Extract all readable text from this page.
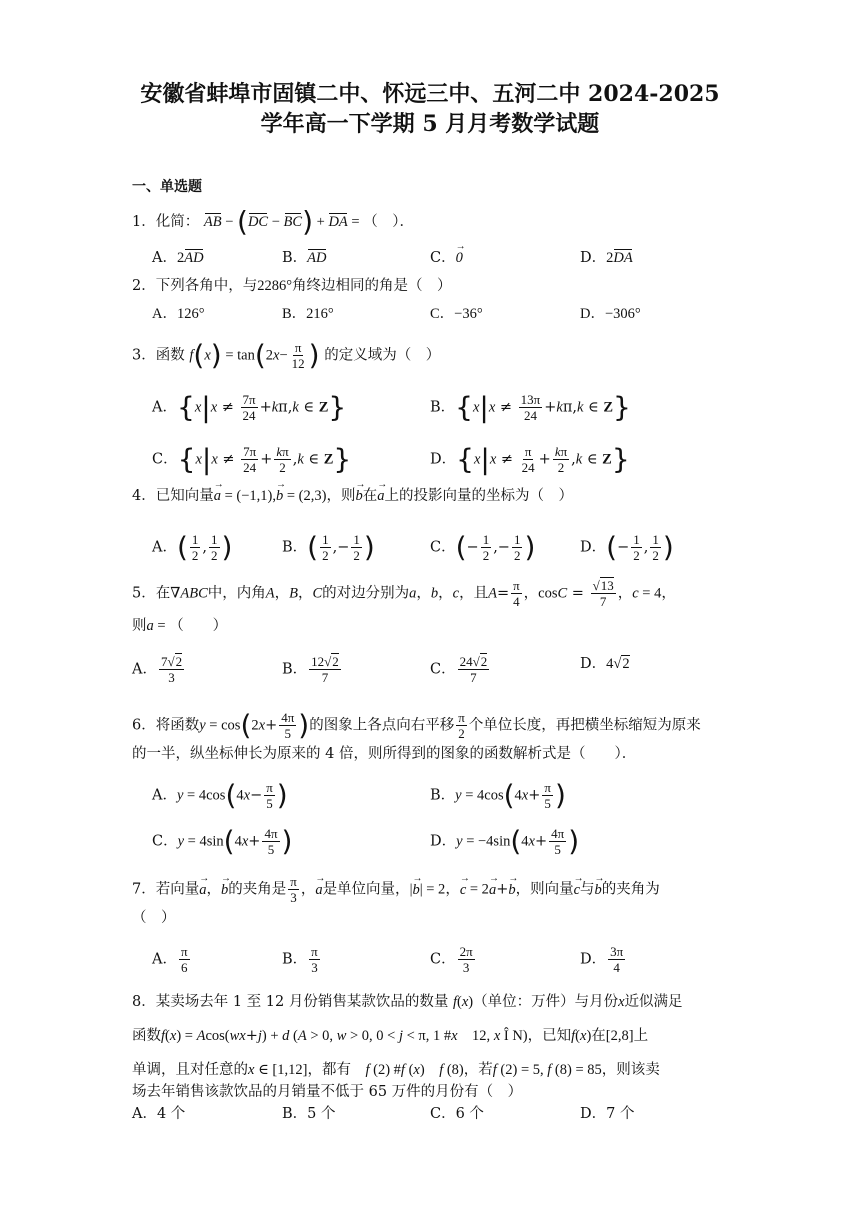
安徽省蚌埠市固镇二中、怀远三中、五河二中 2024-2025
学年高一下学期 5 月月考数学试题
一、单选题
1．化简： AB − (DC − BC) + DA = （　）．
A．2AD	B．AD	C．0 →	D．2DA
2．下列各角中，与2286°角终边相同的角是（　）
A．126°	B．216°	C．−36°	D．−306°
3．函数 $f(x) = \tan(2x- \frac{\pi}{12}$ ) 的定义域为（　）
A．{$x|x \ne \frac{7\pi}{24} +k\pi,k$ ∈ Z}	B．{$x|x \ne \frac{13\pi}{24} +k\pi,k$ ∈ Z}
C．{$x|x \ne \frac{7\pi}{24} + \frac{k\pi}{2} ,k$ ∈ Z}	D．{$x|x \ne \frac{\pi}{24} + \frac{k\pi}{2} ,k$ ∈ Z}
4．已知向量a → = (−1,1),b → = (2,3)，则b →在a →上的投影向量的坐标为（　）
A．( $\frac{1}{2}$ , $\frac{1}{2}$ )	B．( $\frac{1}{2}$ ,− $\frac{1}{2}$ )	C．(− $\frac{1}{2}$ ,− $\frac{1}{2}$ )	D．(− $\frac{1}{2}$ , $\frac{1}{2}$ )
5．在∇ABC中，内角A，B，C的对边分别为a，b，c，且$A= \frac{\pi}{4}$ ，$\cos C = \frac{√13}{7}$ ，c = 4，
则a = （　　）
A． $\frac{7√2}{3}$	B． $\frac{12√2}{7}$	C． $\frac{24√2}{7}$	D．4√2
6．将函数$y = \cos(2x+ \frac{4\pi}{5}$ )的图象上各点向右平移 $\frac{\pi}{2}$ 个单位长度，再把横坐标缩短为原来
的一半，纵坐标伸长为原来的 4 倍，则所得到的图象的函数解析式是（　　）．
A．$y = 4\cos(4x- \frac{\pi}{5}$ )	B．$y = 4\cos(4x+ \frac{\pi}{5}$ )
C．$y = 4\sin(4x+ \frac{4\pi}{5}$ )	D．$y = -4\sin(4x+ \frac{4\pi}{5}$ )
7．若向量a →，b →的夹角是 $\frac{\pi}{3}$ ，a →是单位向量，|b →| = 2，c → = 2a →+b →，则向量c →与b →的夹角为
（　）
A． $\frac{\pi}{6}$	B． $\frac{\pi}{3}$	C． $\frac{2\pi}{3}$	D． $\frac{3\pi}{4}$
8．某卖场去年 1 至 12 月份销售某款饮品的数量 f(x)（单位：万件）与月份x近似满足
函数f(x) = Acos(wx+j) + d (A > 0, w > 0, 0 < j < π, 1 #x　12, x Î N)，已知f(x)在[2,8]上
单调，且对任意的x ∈ [1,12]，都有　 f (2) #f (x)　f (8)，若f (2) = 5, f (8) = 85，则该卖
场去年销售该款饮品的月销量不低于 65 万件的月份有（　）
A．4 个	B．5 个	C．6 个	D．7 个
